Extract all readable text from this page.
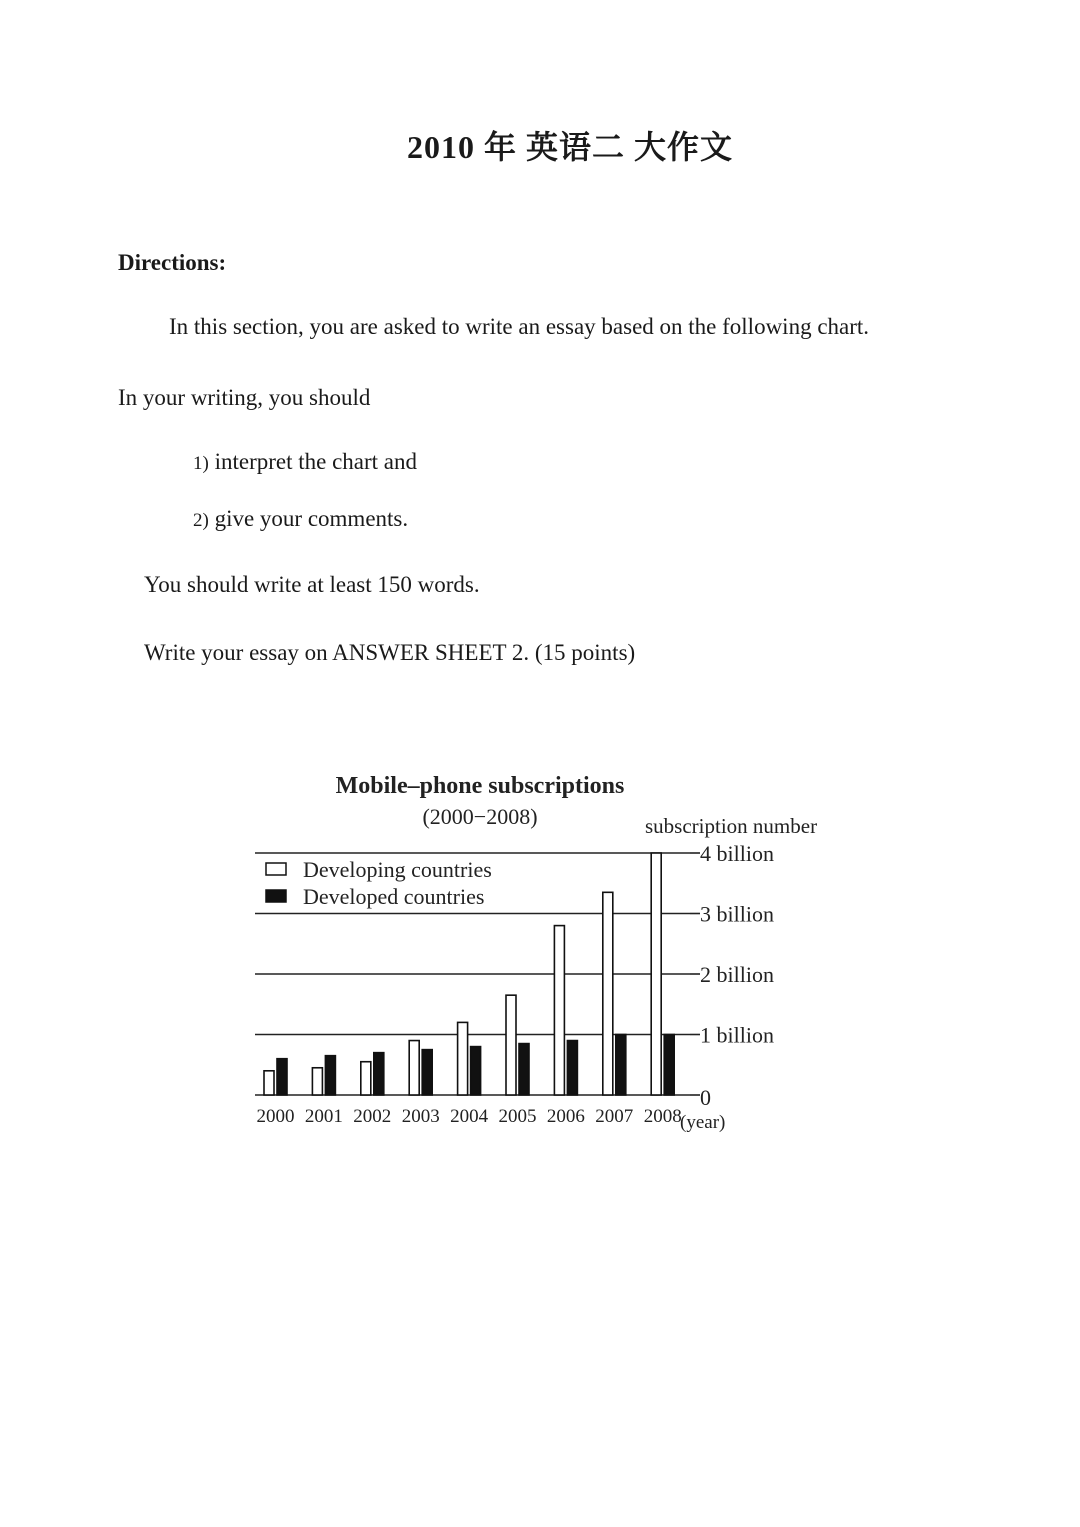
2010 年 英语二 大作文
Directions:
In this section, you are asked to write an essay based on the following chart.
In your writing, you should
1) interpret the chart and
2) give your comments.
You should write at least 150 words.
Write your essay on ANSWER SHEET 2. (15 points)
0
1 billion
2 billion
3 billion
4 billion
2000 2001 2002 2003 2004 2005 2006 2007 2008
Mobile–phone subscriptions
(2000−2008)	subscription number
Developing countries
Developed countries
(year)
